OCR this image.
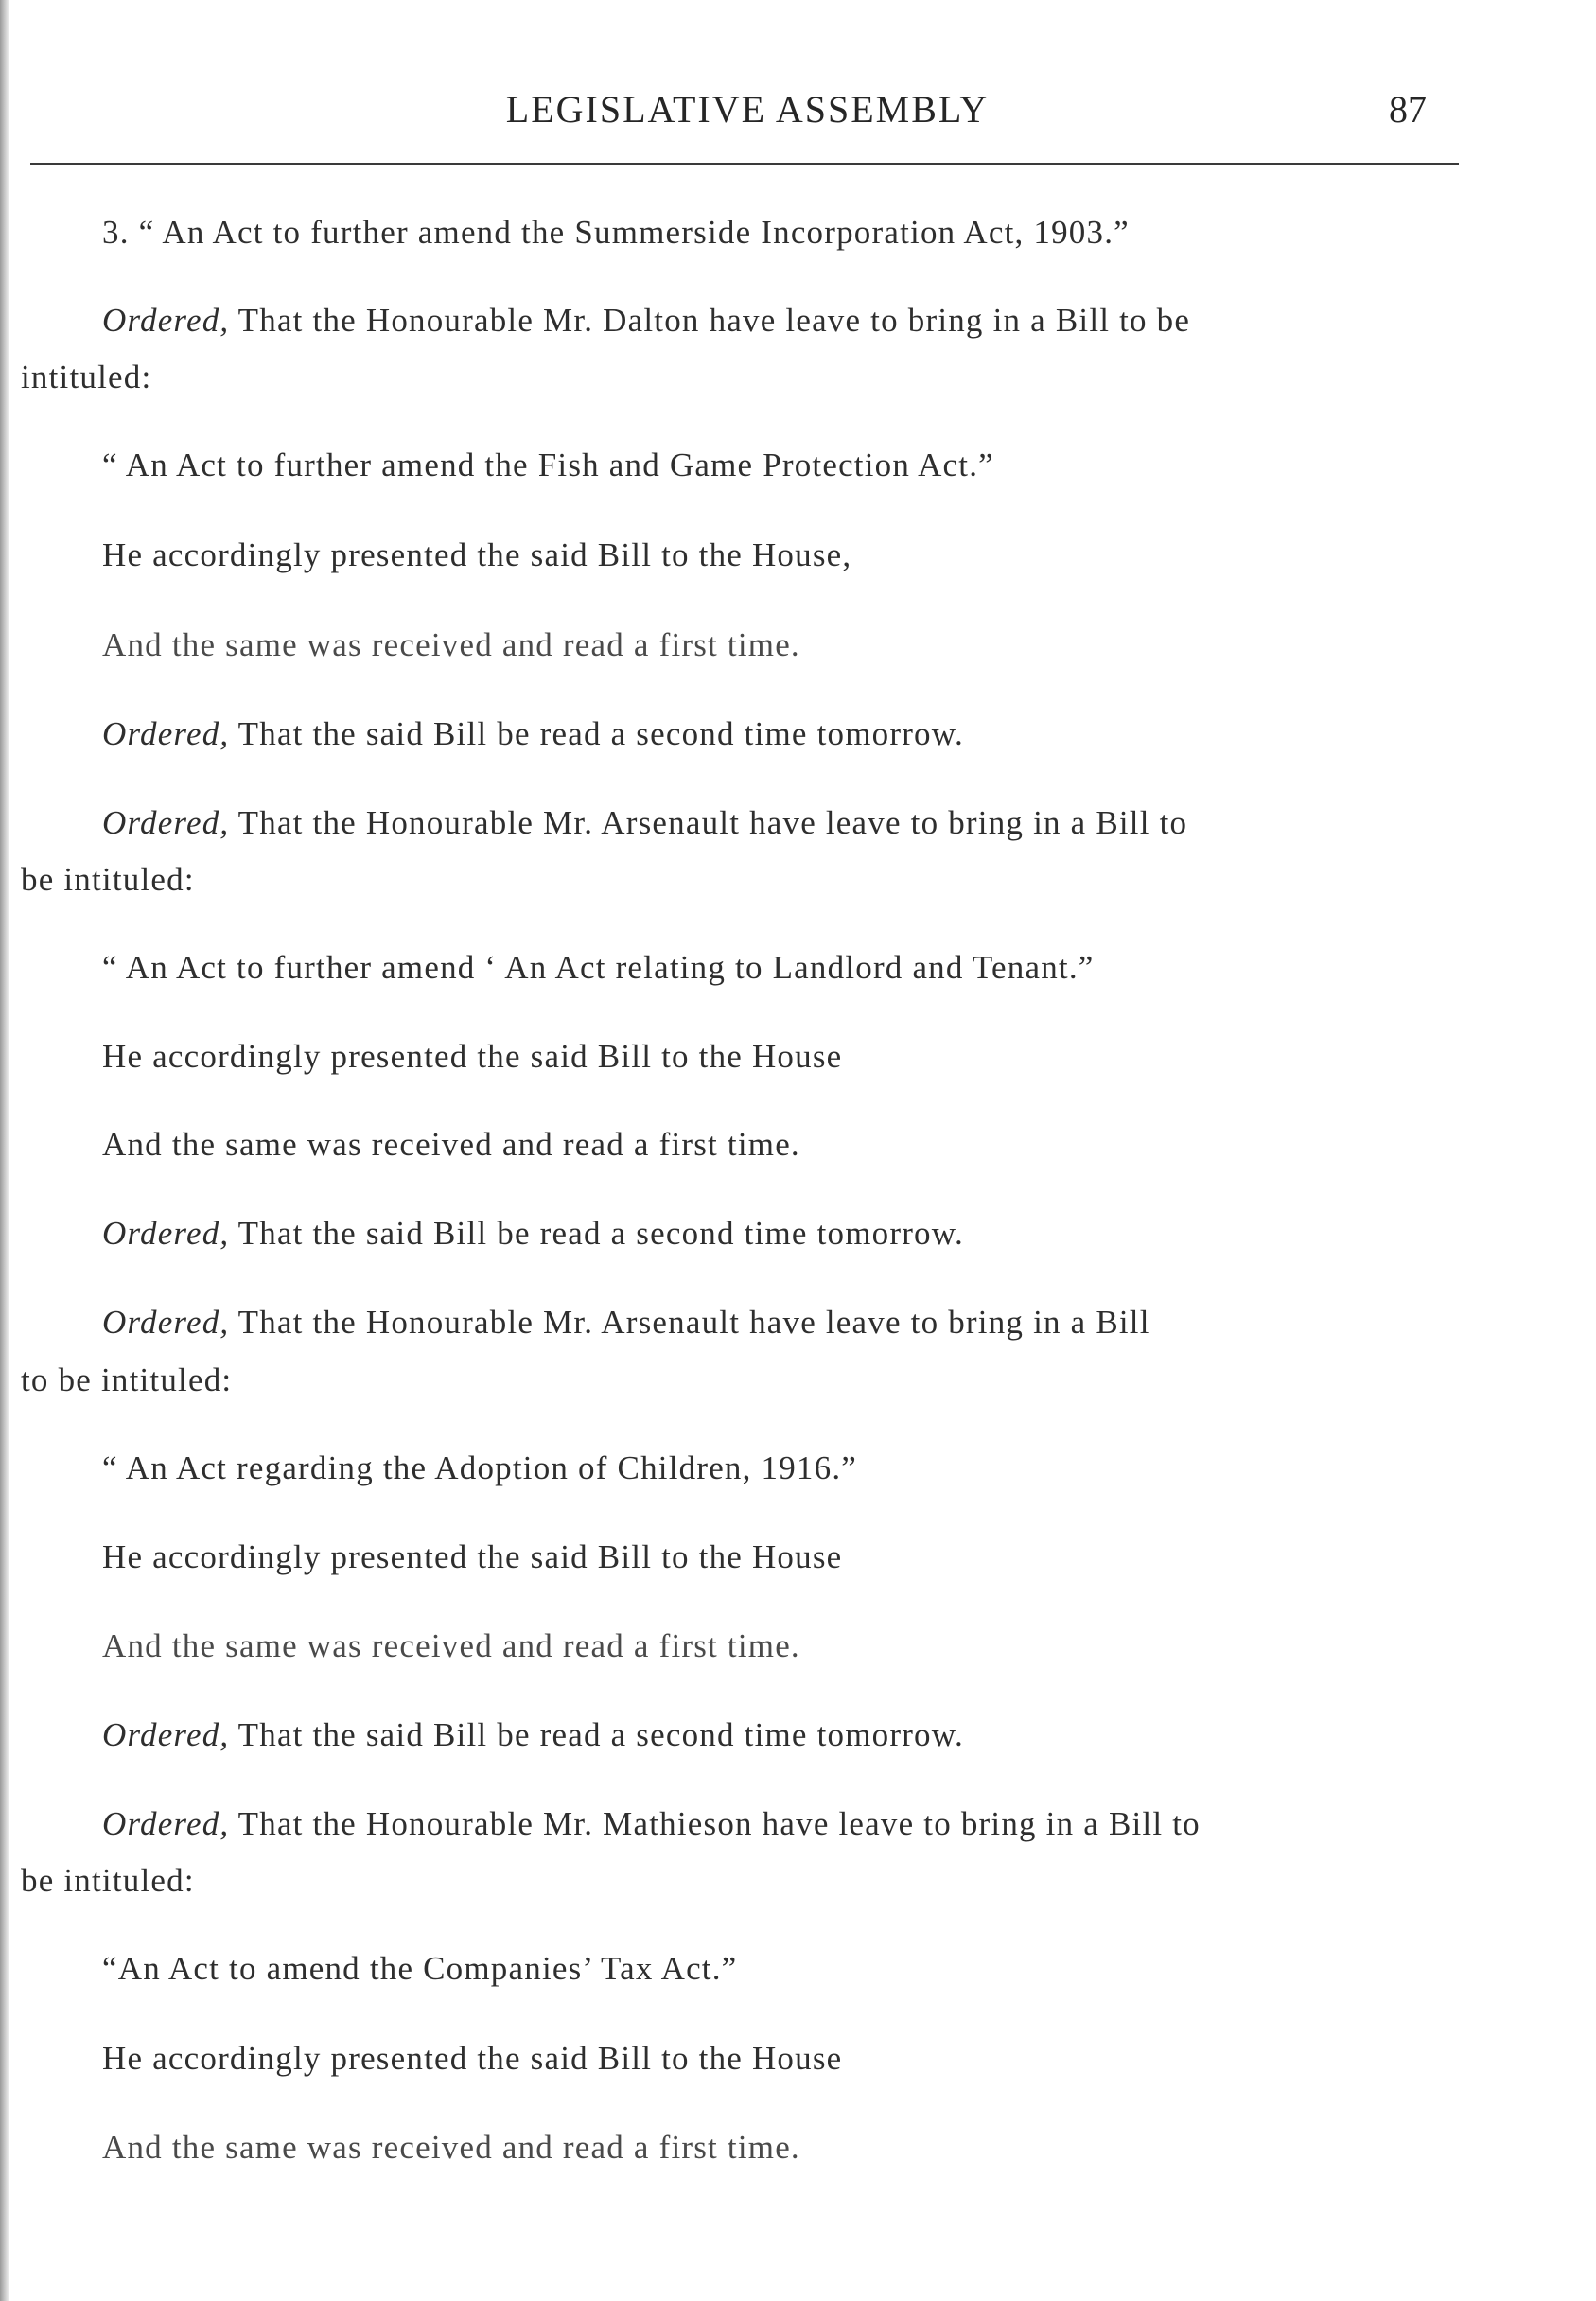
LEGISLATIVE ASSEMBLY	87
3. “ An Act to further amend the Summerside Incorporation Act, 1903.”
Ordered, That the Honourable Mr. Dalton have leave to bring in a Bill to be
intituled:
“ An Act to further amend the Fish and Game Protection Act.”
He accordingly presented the said Bill to the House,
And the same was received and read a first time.
Ordered, That the said Bill be read a second time tomorrow.
Ordered, That the Honourable Mr. Arsenault have leave to bring in a Bill to
be intituled:
“ An Act to further amend ‘ An Act relating to Landlord and Tenant.”
He accordingly presented the said Bill to the House
And the same was received and read a first time.
Ordered, That the said Bill be read a second time tomorrow.
Ordered, That the Honourable Mr. Arsenault have leave to bring in a Bill
to be intituled:
“ An Act regarding the Adoption of Children, 1916.”
He accordingly presented the said Bill to the House
And the same was received and read a first time.
Ordered, That the said Bill be read a second time tomorrow.
Ordered, That the Honourable Mr. Mathieson have leave to bring in a Bill to
be intituled:
“An Act to amend the Companies’ Tax Act.”
He accordingly presented the said Bill to the House
And the same was received and read a first time.
